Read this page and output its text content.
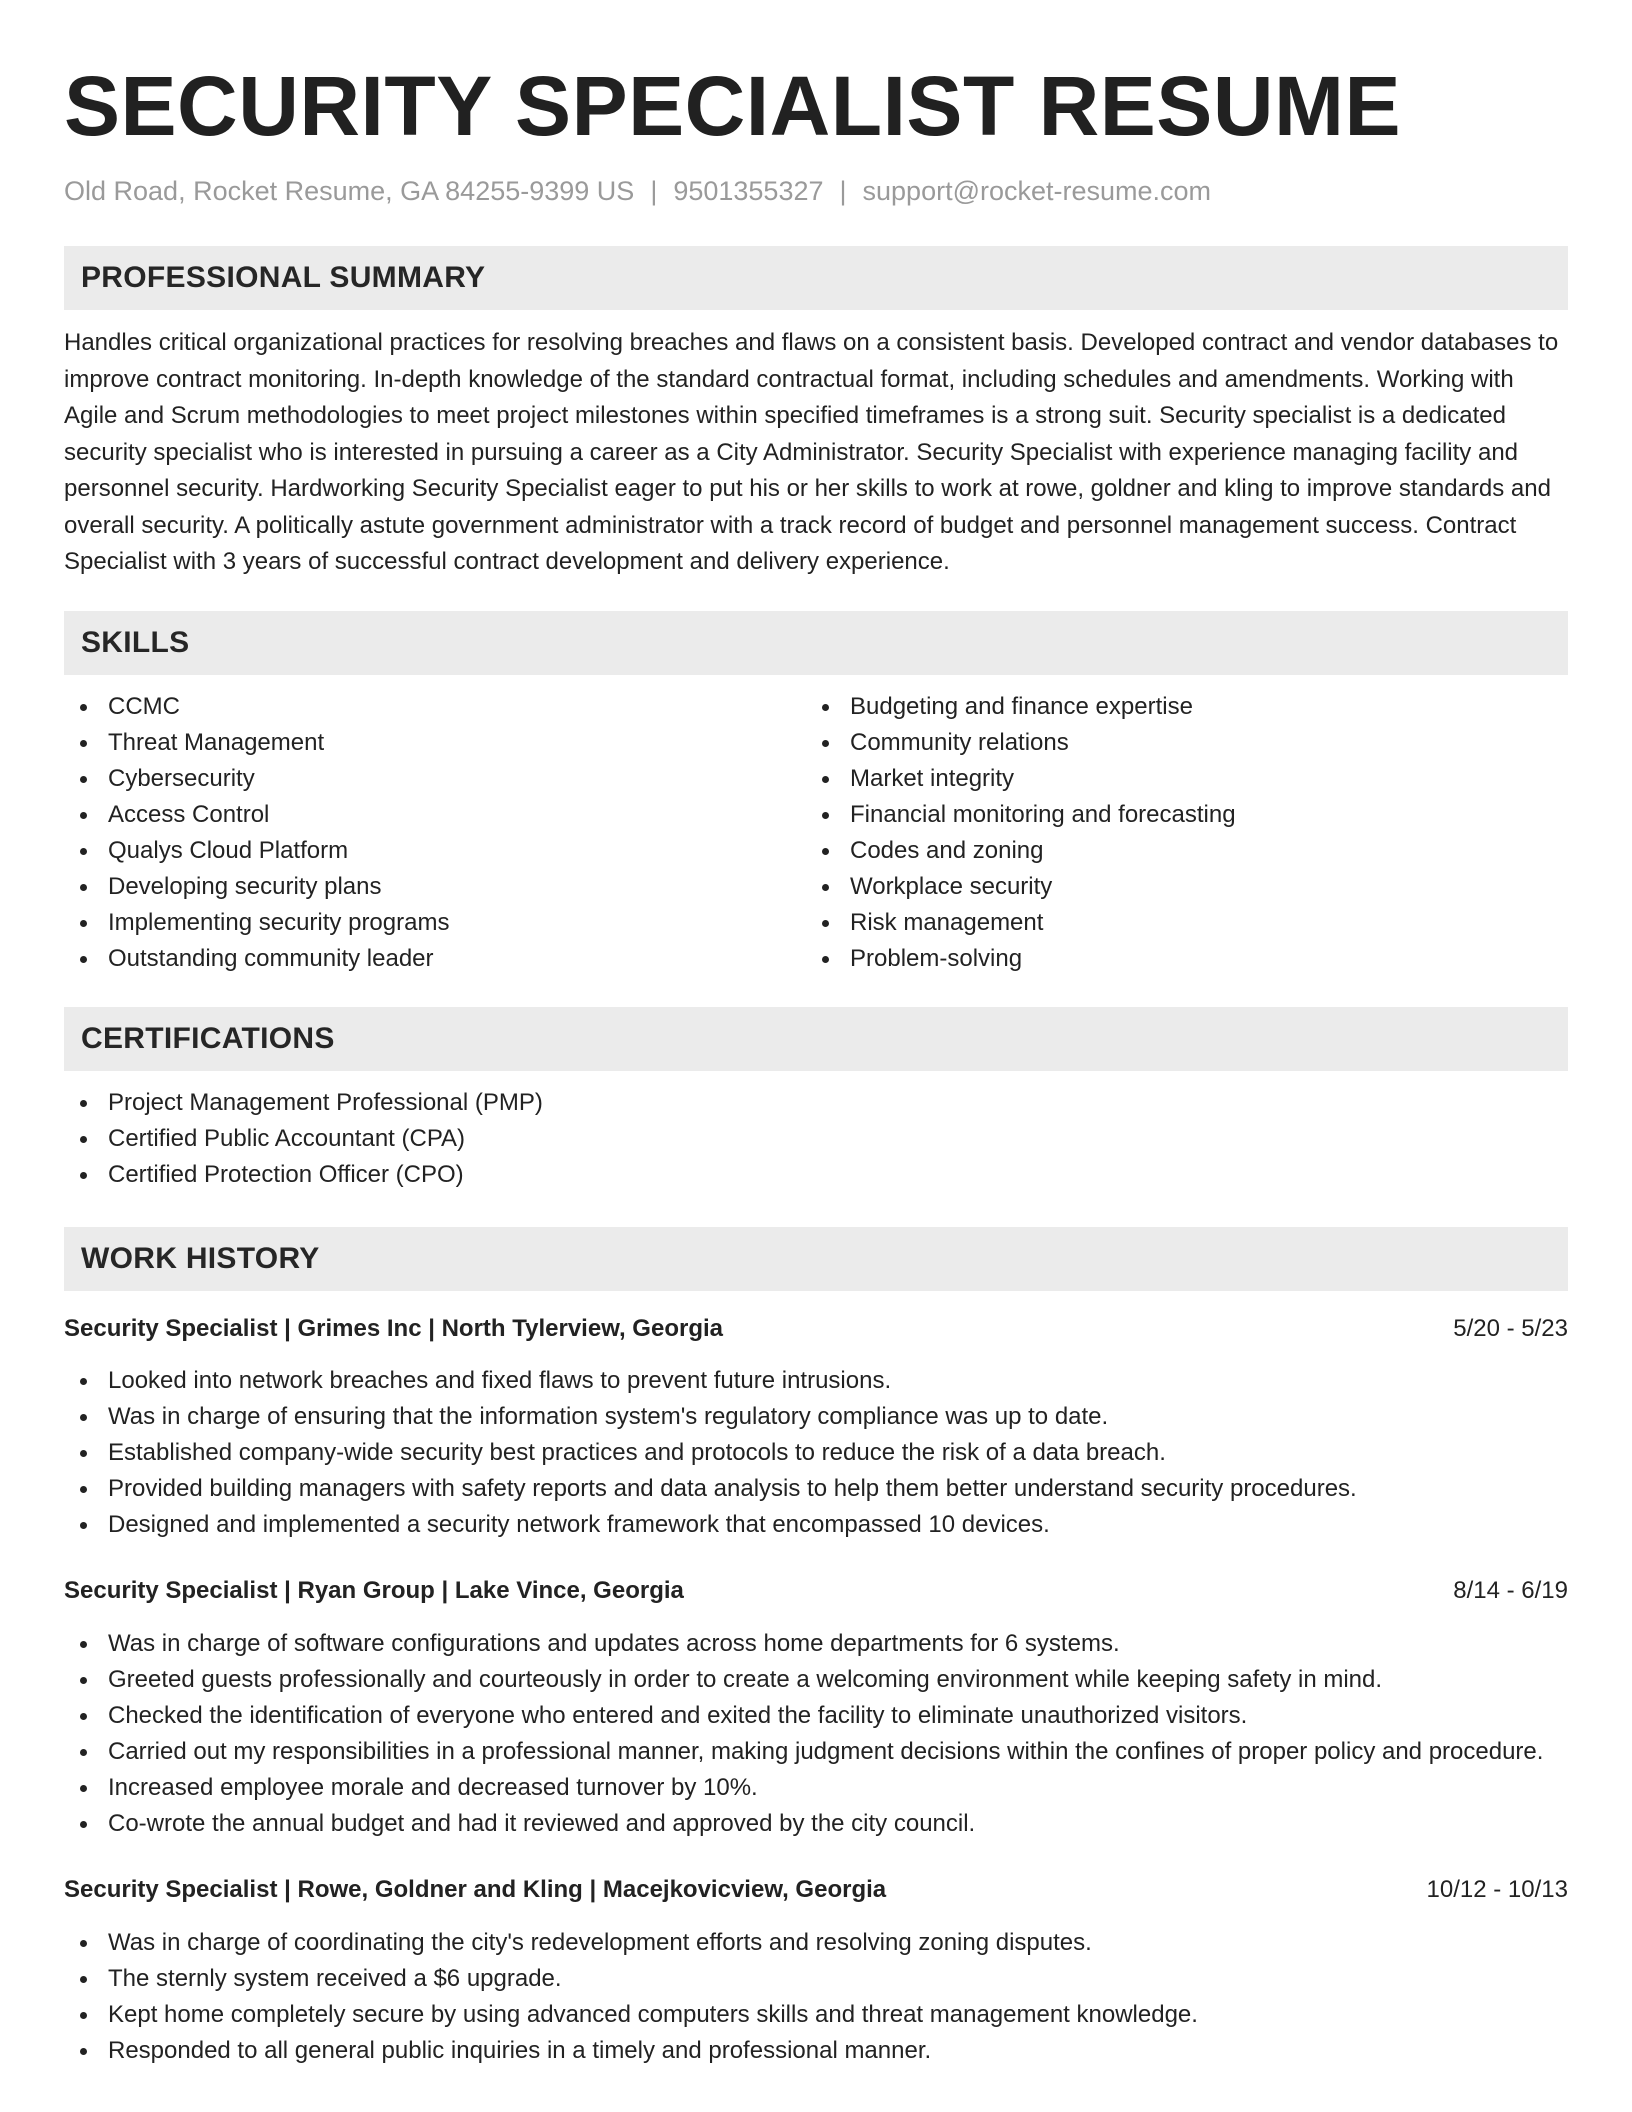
SECURITY SPECIALIST RESUME
Old Road, Rocket Resume, GA 84255-9399 US | 9501355327 | support@rocket-resume.com
PROFESSIONAL SUMMARY

Handles critical organizational practices for resolving breaches and flaws on a consistent basis. Developed contract and vendor databases to improve contract monitoring. In-depth knowledge of the standard contractual format, including schedules and amendments. Working with Agile and Scrum methodologies to meet project milestones within specified timeframes is a strong suit. Security specialist is a dedicated security specialist who is interested in pursuing a career as a City Administrator. Security Specialist with experience managing facility and personnel security. Hardworking Security Specialist eager to put his or her skills to work at rowe, goldner and kling to improve standards and overall security. A politically astute government administrator with a track record of budget and personnel management success. Contract Specialist with 3 years of successful contract development and delivery experience.

SKILLS
CCMC
Threat Management
Cybersecurity
Access Control
Qualys Cloud Platform
Developing security plans
Implementing security programs
Outstanding community leader
Budgeting and finance expertise
Community relations
Market integrity
Financial monitoring and forecasting
Codes and zoning
Workplace security
Risk management
Problem-solving
CERTIFICATIONS
Project Management Professional (PMP)
Certified Public Accountant (CPA)
Certified Protection Officer (CPO)
WORK HISTORY
Security Specialist | Grimes Inc | North Tylerview, Georgia	5/20 - 5/23
Looked into network breaches and fixed flaws to prevent future intrusions.
Was in charge of ensuring that the information system's regulatory compliance was up to date.
Established company-wide security best practices and protocols to reduce the risk of a data breach.
Provided building managers with safety reports and data analysis to help them better understand security procedures.
Designed and implemented a security network framework that encompassed 10 devices.
Security Specialist | Ryan Group | Lake Vince, Georgia	8/14 - 6/19
Was in charge of software configurations and updates across home departments for 6 systems.
Greeted guests professionally and courteously in order to create a welcoming environment while keeping safety in mind.
Checked the identification of everyone who entered and exited the facility to eliminate unauthorized visitors.
Carried out my responsibilities in a professional manner, making judgment decisions within the confines of proper policy and procedure.
Increased employee morale and decreased turnover by 10%.
Co-wrote the annual budget and had it reviewed and approved by the city council.
Security Specialist | Rowe, Goldner and Kling | Macejkovicview, Georgia	10/12 - 10/13
Was in charge of coordinating the city's redevelopment efforts and resolving zoning disputes.
The sternly system received a $6 upgrade.
Kept home completely secure by using advanced computers skills and threat management knowledge.
Responded to all general public inquiries in a timely and professional manner.
